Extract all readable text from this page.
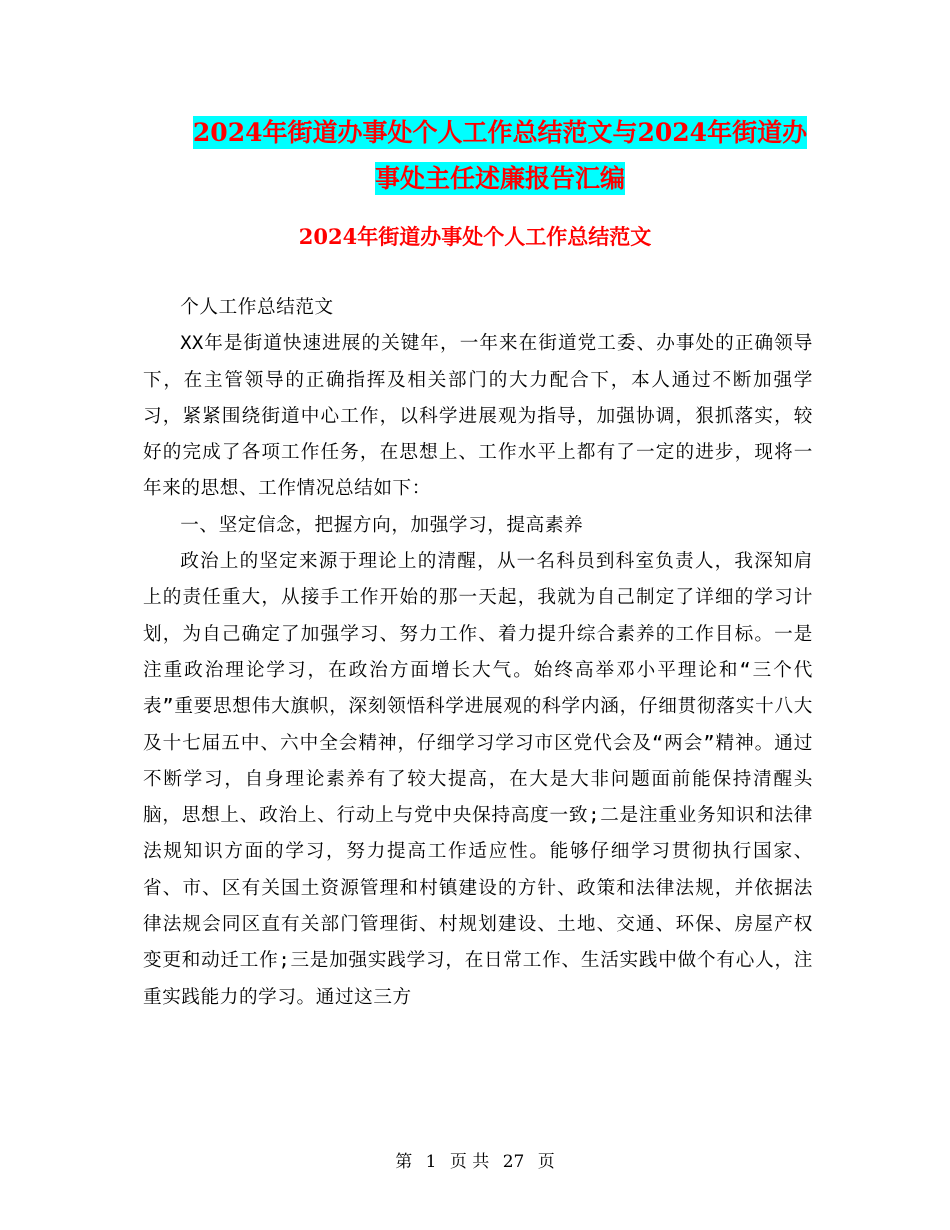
2024年街道办事处个人工作总结范文与2024年街道办
事处主任述廉报告汇编
2024年街道办事处个人工作总结范文

个人工作总结范文

XX年是街道快速进展的关键年，一年来在街道党工委、办事处的正确领导下，在主管领导的正确指挥及相关部门的大力配合下，本人通过不断加强学习，紧紧围绕街道中心工作，以科学进展观为指导，加强协调，狠抓落实，较好的完成了各项工作任务，在思想上、工作水平上都有了一定的进步，现将一年来的思想、工作情况总结如下：

一、坚定信念，把握方向，加强学习，提高素养

政治上的坚定来源于理论上的清醒，从一名科员到科室负责人，我深知肩上的责任重大，从接手工作开始的那一天起，我就为自己制定了详细的学习计划，为自己确定了加强学习、努力工作、着力提升综合素养的工作目标。一是注重政治理论学习，在政治方面增长大气。始终高举邓小平理论和“三个代表”重要思想伟大旗帜，深刻领悟科学进展观的科学内涵，仔细贯彻落实十八大及十七届五中、六中全会精神，仔细学习学习市区党代会及“两会”精神。通过不断学习，自身理论素养有了较大提高，在大是大非问题面前能保持清醒头脑，思想上、政治上、行动上与党中央保持高度一致;二是注重业务知识和法律法规知识方面的学习，努力提高工作适应性。能够仔细学习贯彻执行国家、省、市、区有关国土资源管理和村镇建设的方针、政策和法律法规，并依据法律法规会同区直有关部门管理街、村规划建设、土地、交通、环保、房屋产权变更和动迁工作;三是加强实践学习，在日常工作、生活实践中做个有心人，注重实践能力的学习。通过这三方

第 1 页 共 27 页
